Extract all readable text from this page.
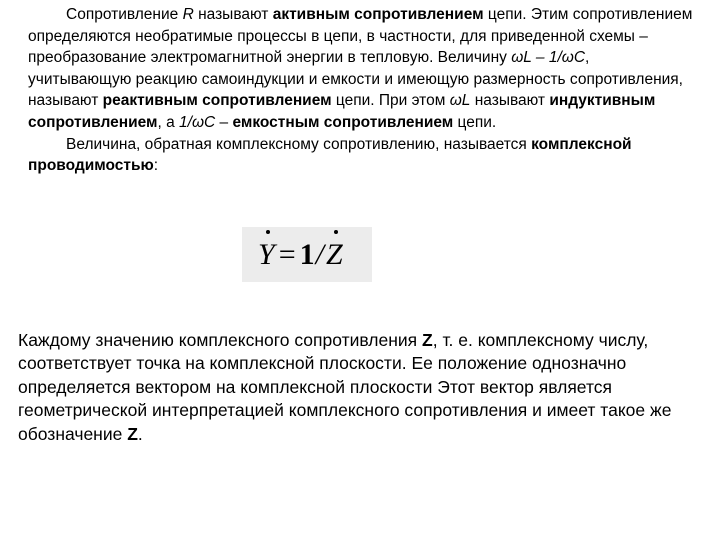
Сопротивление R называют активным сопротивлением цепи. Этим сопротивлением определяются необратимые процессы в цепи, в частности, для приведенной схемы – преобразование электромагнитной энергии в тепловую. Величину ωL – 1/ωC, учитывающую реакцию самоиндукции и емкости и имеющую размерность сопротивления, называют реактивным сопротивлением цепи. При этом ωL называют индуктивным сопротивлением, а 1/ωC – емкостным сопротивлением цепи.

Величина, обратная комплексному сопротивлению, называется комплексной проводимостью:

Y = 1/
Z

Каждому значению комплексного сопротивления Z, т. е. комплексному числу, соответствует точка на комплексной плоскости. Ее положение однозначно определяется вектором на комплексной плоскости Этот вектор является геометрической интерпретацией комплексного сопротивления и имеет такое же обозначение Z.
